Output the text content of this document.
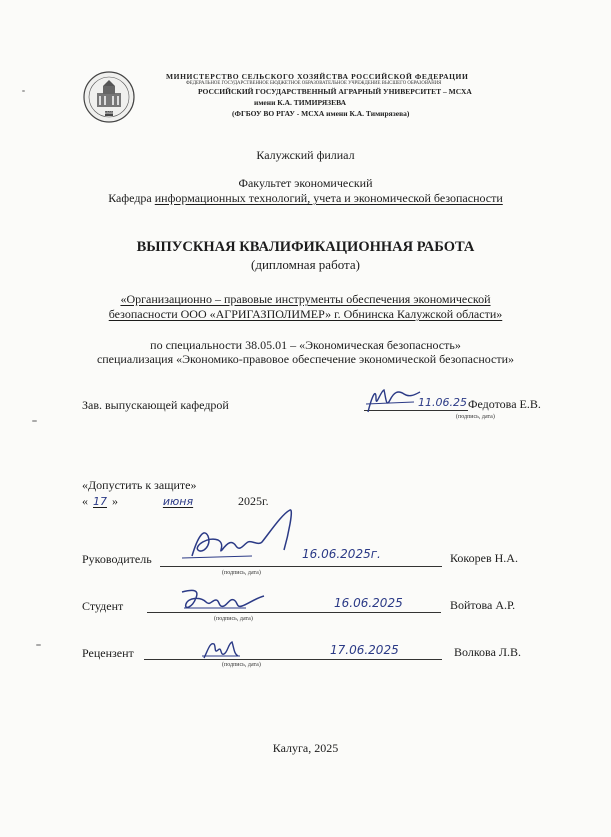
1865
МИНИСТЕРСТВО СЕЛЬСКОГО ХОЗЯЙСТВА РОССИЙСКОЙ ФЕДЕРАЦИИ
ФЕДЕРАЛЬНОЕ ГОСУДАРСТВЕННОЕ БЮДЖЕТНОЕ ОБРАЗОВАТЕЛЬНОЕ УЧРЕЖДЕНИЕ ВЫСШЕГО ОБРАЗОВАНИЯ
РОССИЙСКИЙ ГОСУДАРСТВЕННЫЙ АГРАРНЫЙ УНИВЕРСИТЕТ – МСХА
имени К.А. ТИМИРЯЗЕВА
(ФГБОУ ВО РГАУ - МСХА имени К.А. Тимирязева)
Калужский филиал
Факультет экономический
Кафедра информационных технологий, учета и экономической безопасности
ВЫПУСКНАЯ КВАЛИФИКАЦИОННАЯ РАБОТА
(дипломная работа)
«Организационно – правовые инструменты обеспечения экономической
безопасности ООО «АГРИГАЗПОЛИМЕР» г. Обнинска Калужской области»
по специальности 38.05.01 – «Экономическая безопасность»
специализация «Экономико-правовое обеспечение экономической безопасности»
Зав. выпускающей кафедрой	11.06.25 Федотова Е.В.
(подпись, дата)
«Допустить к защите»
« 17 »	июня	2025г.
Руководитель	16.06.2025г.	Кокорев Н.А.
(подпись, дата)
Студент	16.06.2025	Войтова А.Р.
(подпись, дата)
Рецензент	17.06.2025	Волкова Л.В.
(подпись, дата)
Калуга, 2025
